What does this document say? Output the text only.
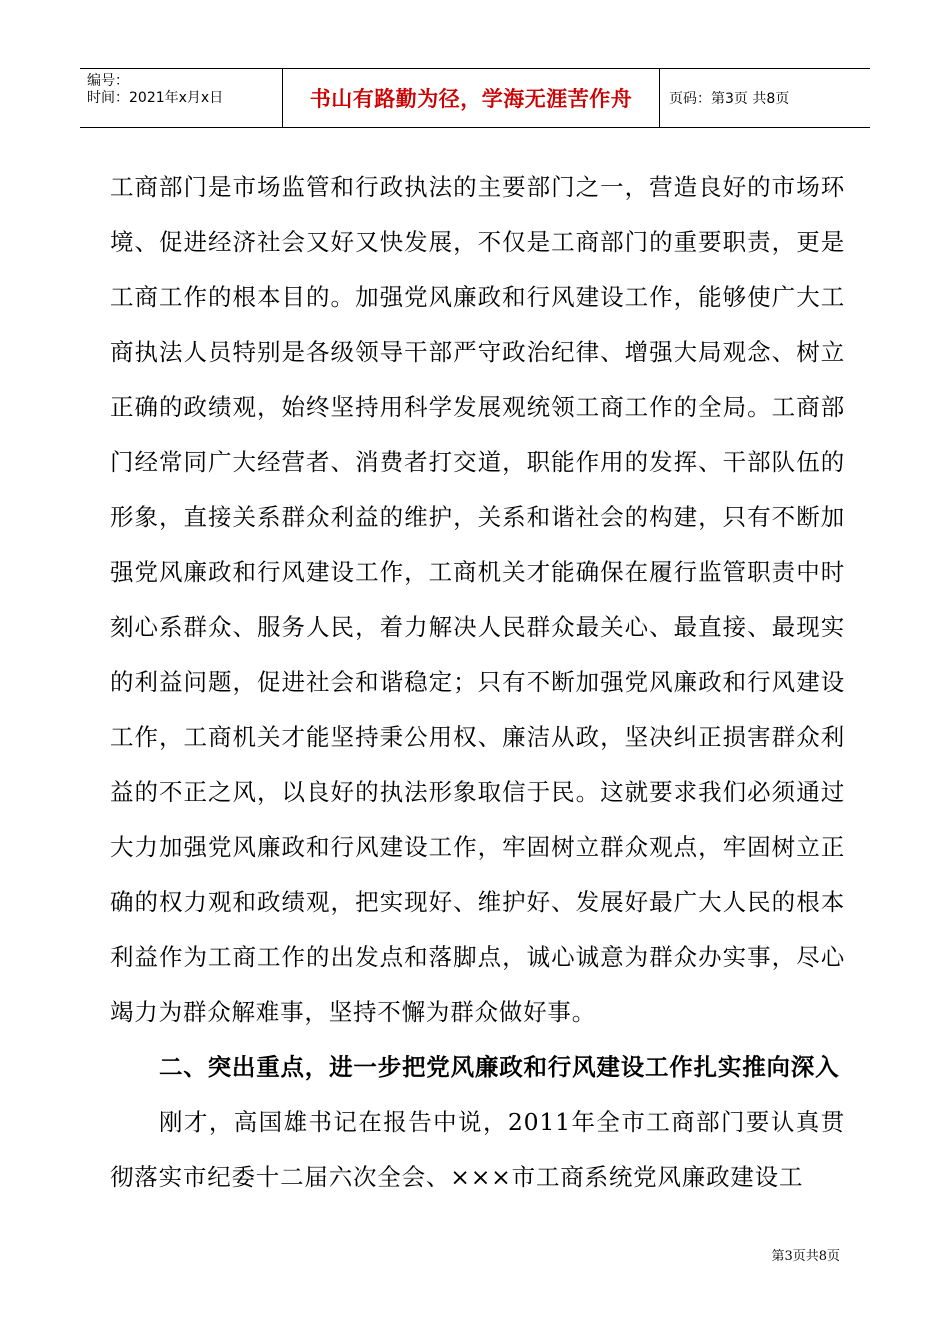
编号：
时间：2021年x月x日	书山有路勤为径，学海无涯苦作舟	页码：第3页 共8页

工商部门是市场监管和行政执法的主要部门之一，营造良好的市场环境、促进经济社会又好又快发展，不仅是工商部门的重要职责，更是工商工作的根本目的。加强党风廉政和行风建设工作，能够使广大工商执法人员特别是各级领导干部严守政治纪律、增强大局观念、树立正确的政绩观，始终坚持用科学发展观统领工商工作的全局。工商部门经常同广大经营者、消费者打交道，职能作用的发挥、干部队伍的形象，直接关系群众利益的维护，关系和谐社会的构建，只有不断加强党风廉政和行风建设工作，工商机关才能确保在履行监管职责中时刻心系群众、服务人民，着力解决人民群众最关心、最直接、最现实的利益问题，促进社会和谐稳定；只有不断加强党风廉政和行风建设工作，工商机关才能坚持秉公用权、廉洁从政，坚决纠正损害群众利益的不正之风，以良好的执法形象取信于民。这就要求我们必须通过大力加强党风廉政和行风建设工作，牢固树立群众观点，牢固树立正确的权力观和政绩观，把实现好、维护好、发展好最广大人民的根本利益作为工商工作的出发点和落脚点，诚心诚意为群众办实事，尽心竭力为群众解难事，坚持不懈为群众做好事。

二、突出重点，进一步把党风廉政和行风建设工作扎实推向深入

刚才，高国雄书记在报告中说，2011年全市工商部门要认真贯彻落实市纪委十二届六次全会、×××市工商系统党风廉政建设工

第3页共8页
